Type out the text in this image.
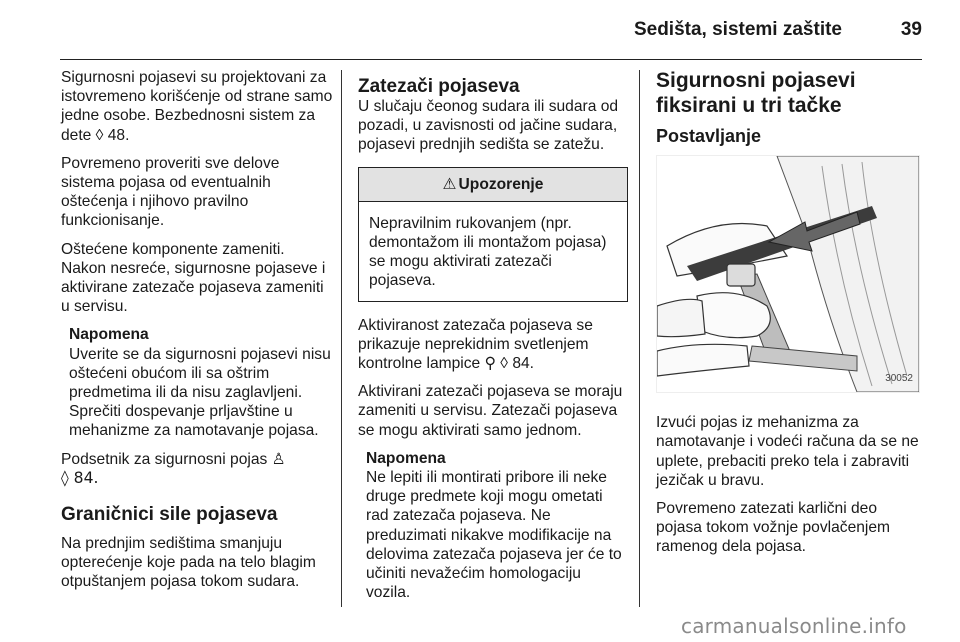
Sedišta, sistemi zaštite	39

Sigurnosni pojasevi su projektovani za istovremeno korišćenje od strane samo jedne osobe. Bezbednosni sistem za dete ◊ 48.

Povremeno proveriti sve delove sistema pojasa od eventualnih oštećenja i njihovo pravilno funkcionisanje.

Oštećene komponente zameniti. Nakon nesreće, sigurnosne pojaseve i aktivirane zatezače pojaseva zameniti u servisu.

Napomena

Uverite se da sigurnosni pojasevi nisu oštećeni obućom ili sa oštrim predmetima ili da nisu zaglavljeni. Sprečiti dospevanje prljavštine u mehanizme za namotavanje pojasa.

Podsetnik za sigurnosni pojas ♙
◊ 84.

Graničnici sile pojaseva

Na prednjim sedištima smanjuju opterećenje koje pada na telo blagim otpuštanjem pojasa tokom sudara.

Zatezači pojaseva

U slučaju čeonog sudara ili sudara od pozadi, u zavisnosti od jačine sudara, pojasevi prednjih sedišta se zatežu.

⚠ Upozorenje
Nepravilnim rukovanjem (npr. demontažom ili montažom pojasa) se mogu aktivirati zatezači pojaseva.

Aktiviranost zatezača pojaseva se prikazuje neprekidnim svetlenjem kontrolne lampice ⚲ ◊ 84.

Aktivirani zatezači pojaseva se moraju zameniti u servisu. Zatezači pojaseva se mogu aktivirati samo jednom.

Napomena

Ne lepiti ili montirati pribore ili neke druge predmete koji mogu ometati rad zatezača pojaseva. Ne preduzimati nikakve modifikacije na delovima zatezača pojaseva jer će to učiniti nevažećim homologaciju vozila.

Sigurnosni pojasevi fiksirani u tri tačke

Postavljanje

30052

Izvući pojas iz mehanizma za namotavanje i vodeći računa da se ne uplete, prebaciti preko tela i zabraviti jezičak u bravu.

Povremeno zatezati karlični deo pojasa tokom vožnje povlačenjem ramenog dela pojasa.

carmanualsonline.info
